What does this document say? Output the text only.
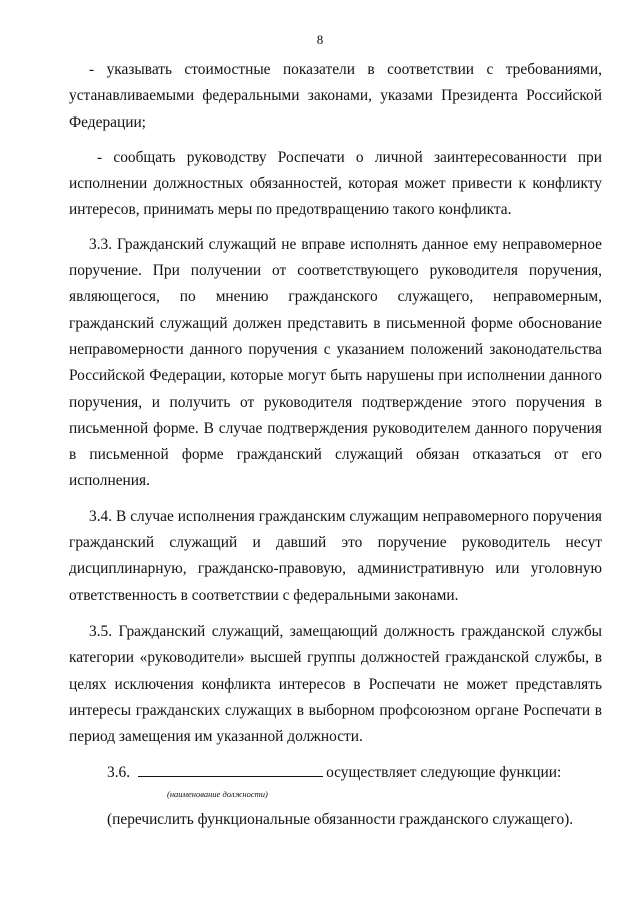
8

- указывать стоимостные показатели в соответствии с требованиями, устанавливаемыми федеральными законами, указами Президента Российской Федерации;

- сообщать руководству Роспечати о личной заинтересованности при исполнении должностных обязанностей, которая может привести к конфликту интересов, принимать меры по предотвращению такого конфликта.

3.3. Гражданский служащий не вправе исполнять данное ему неправомерное поручение. При получении от соответствующего руководителя поручения, являющегося, по мнению гражданского служащего, неправомерным, гражданский служащий должен представить в письменной форме обоснование неправомерности данного поручения с указанием положений законодательства Российской Федерации, которые могут быть нарушены при исполнении данного поручения, и получить от руководителя подтверждение этого поручения в письменной форме. В случае подтверждения руководителем данного поручения в письменной форме гражданский служащий обязан отказаться от его исполнения.

3.4. В случае исполнения гражданским служащим неправомерного поручения гражданский служащий и давший это поручение руководитель несут дисциплинарную, гражданско-правовую, административную или уголовную ответственность в соответствии с федеральными законами.

3.5. Гражданский служащий, замещающий должность гражданской службы категории «руководители» высшей группы должностей гражданской службы, в целях исключения конфликта интересов в Роспечати не может представлять интересы гражданских служащих в выборном профсоюзном органе Роспечати в период замещения им указанной должности.

3.6.	осуществляет следующие функции:
(наименование должности)
(перечислить функциональные обязанности гражданского служащего).
